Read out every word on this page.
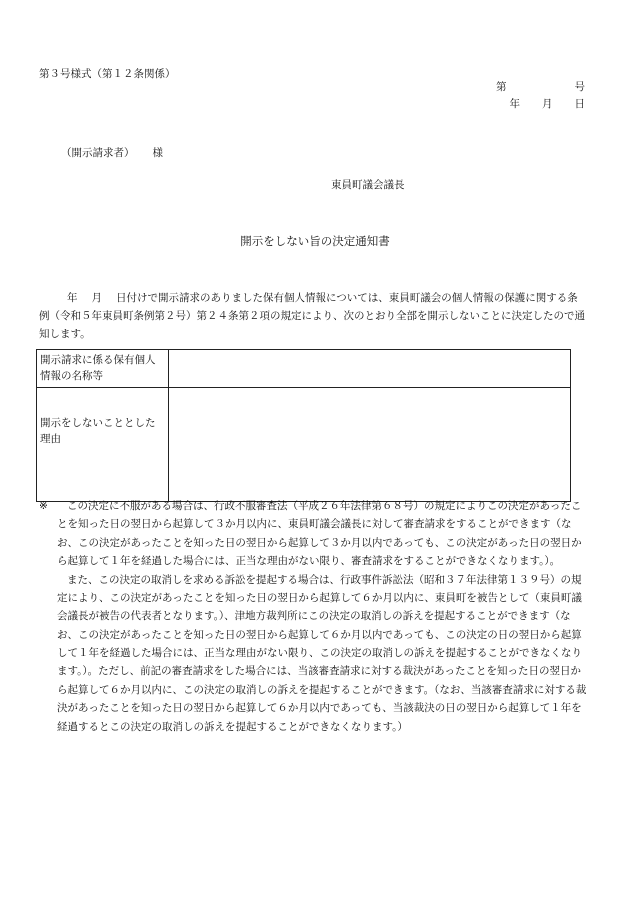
第３号様式（第１２条関係）
第	号
年 月 日
（開示請求者） 様
東員町議会議長
開示をしない旨の決定通知書
年 月 日付けで開示請求のありました保有個人情報については、東員町議会の個人情報の保護に関する条例（令和５年東員町条例第２号）第２４条第２項の規定により、次のとおり全部を開示しないことに決定したので通知します。
開示請求に係る保有個人情報の名称等	
開示をしないこととした理由	
※	この決定に不服がある場合は、行政不服審査法（平成２６年法律第６８号）の規定によりこの決定があったことを知った日の翌日から起算して３か月以内に、東員町議会議長に対して審査請求をすることができます（なお、この決定があったことを知った日の翌日から起算して３か月以内であっても、この決定があった日の翌日から起算して１年を経過した場合には、正当な理由がない限り、審査請求をすることができなくなります。）。
また、この決定の取消しを求める訴訟を提起する場合は、行政事件訴訟法（昭和３７年法律第１３９号）の規定により、この決定があったことを知った日の翌日から起算して６か月以内に、東員町を被告として（東員町議会議長が被告の代表者となります。）、津地方裁判所にこの決定の取消しの訴えを提起することができます（なお、この決定があったことを知った日の翌日から起算して６か月以内であっても、この決定の日の翌日から起算して１年を経過した場合には、正当な理由がない限り、この決定の取消しの訴えを提起することができなくなります。）。ただし、前記の審査請求をした場合には、当該審査請求に対する裁決があったことを知った日の翌日から起算して６か月以内に、この決定の取消しの訴えを提起することができます。（なお、当該審査請求に対する裁決があったことを知った日の翌日から起算して６か月以内であっても、当該裁決の日の翌日から起算して１年を経過するとこの決定の取消しの訴えを提起することができなくなります。）
